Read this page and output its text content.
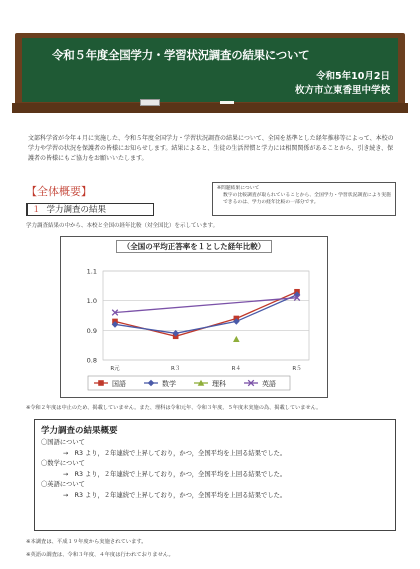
令和５年度全国学力・学習状況調査の結果について
令和5年10月2日
枚方市立東香里中学校
文部科学省が今年４月に実施した、令和５年度全国学力・学習状況調査の結果について、全国を基準とした経年推移等によって、本校の学力や学習の状況を保護者の皆様にお知らせします。結果によると、生徒の生活習慣と学力には相関関係があることから、引き続き、保護者の皆様にもご協力をお願いいたします。
【全体概要】	※問題結果について
数字の比較調査が取られていることから、全国学力・学習状況調査により実施できるのは、学力の経年比較の一部分です。
１ 学力調査の結果
学力調査結果の中から、本校と全国の経年比較（対全国比）を示しています。
0.8
0.9
1.0
1.1
R元	R３	R４	R５
国語	数学	理科	英語
（全国の平均正答率を１とした経年比較）
※令和２年度は中止のため、掲載していません。また、理科は令和元年、令和３年度、５年度未実施の為、掲載していません。
学力調査の結果概要
〇国語について
→　R3 より，２年連続で上昇しており，かつ，全国平均を上回る結果でした。
〇数学について
→　R3 より，２年連続で上昇しており，かつ，全国平均を上回る結果でした。
〇英語について
→　R3 より，２年連続で上昇しており，かつ，全国平均を上回る結果でした。
※本調査は、平成１９年度から実施されています。
※英語の調査は、令和３年度、４年度は行われておりません。
